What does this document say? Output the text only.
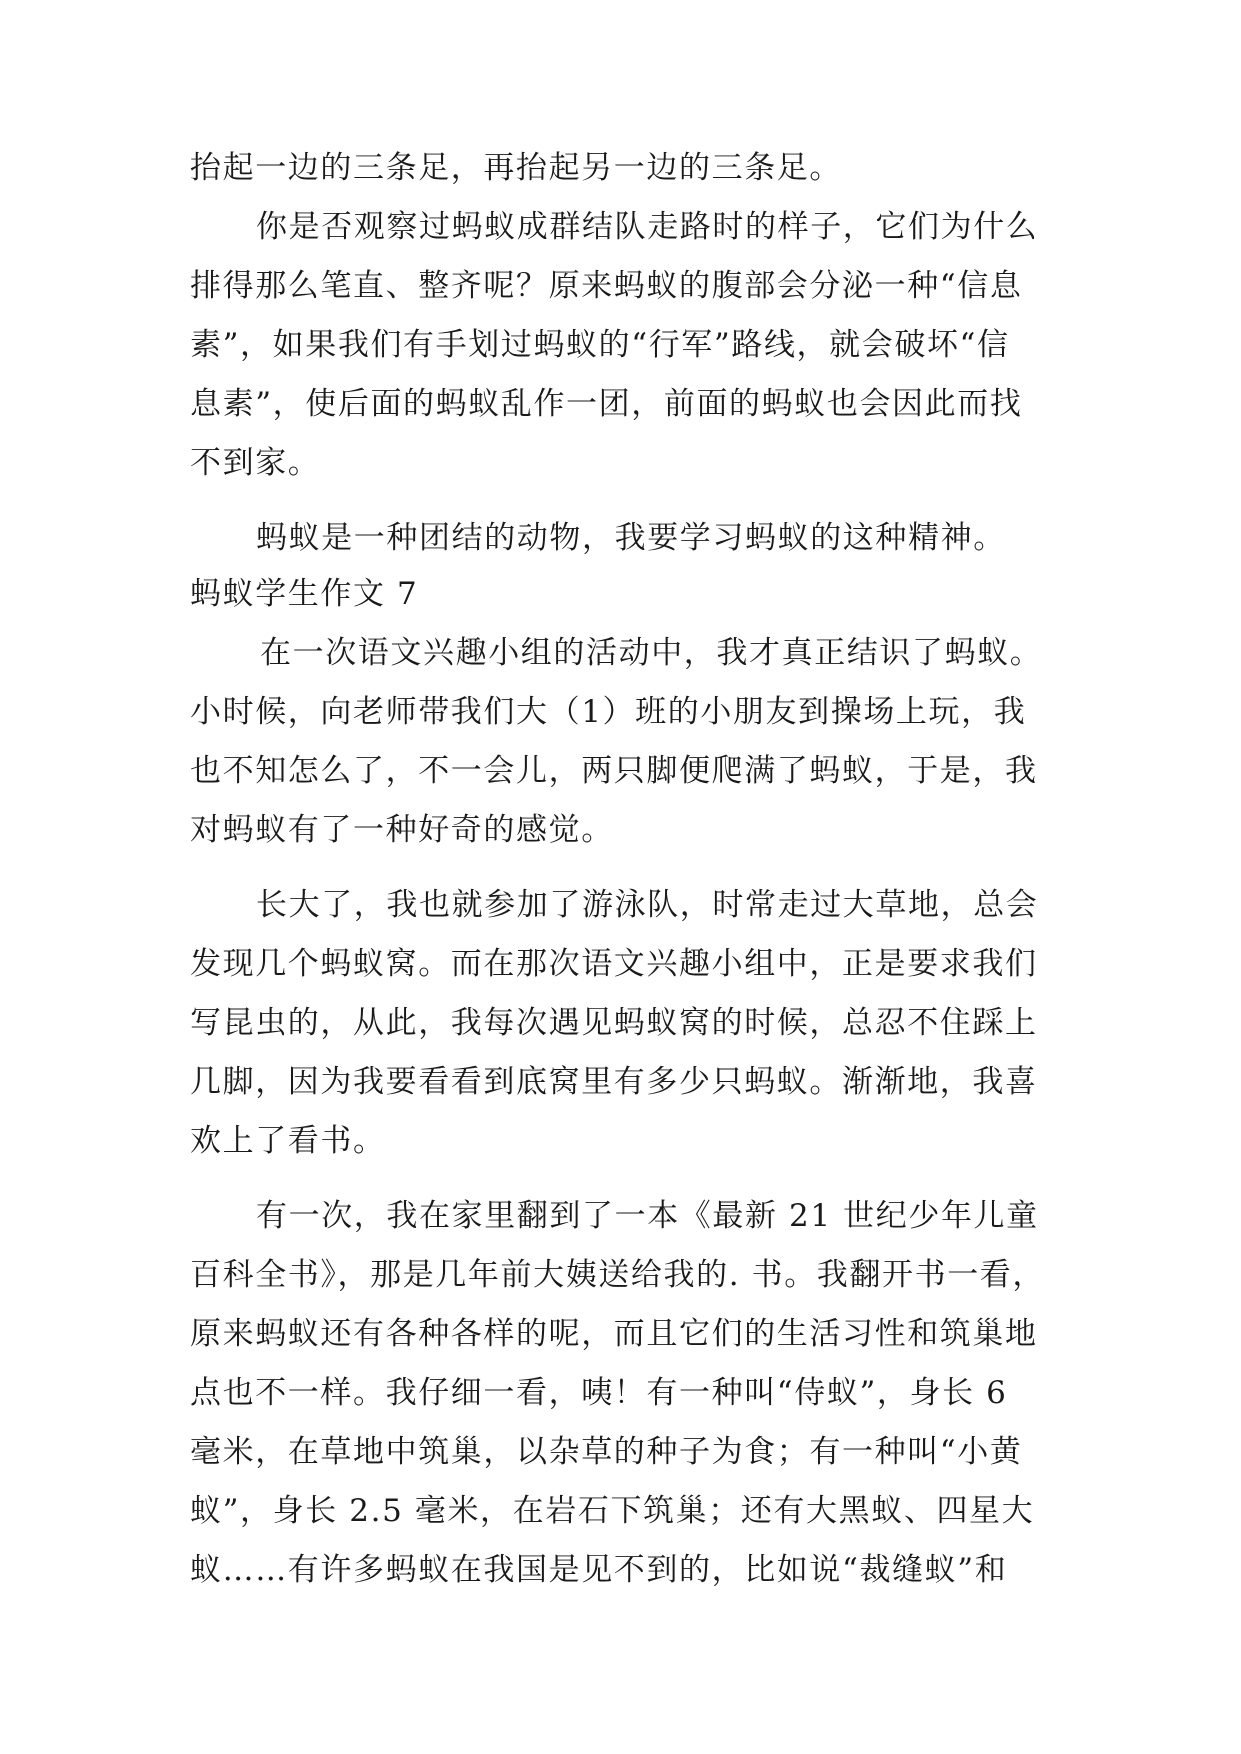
抬起一边的三条足，再抬起另一边的三条足。
你是否观察过蚂蚁成群结队走路时的样子，它们为什么
排得那么笔直、整齐呢？原来蚂蚁的腹部会分泌一种“信息
素”，如果我们有手划过蚂蚁的“行军”路线，就会破坏“信
息素”，使后面的蚂蚁乱作一团，前面的蚂蚁也会因此而找
不到家。
蚂蚁是一种团结的动物，我要学习蚂蚁的这种精神。
蚂蚁学生作文 7
在一次语文兴趣小组的活动中，我才真正结识了蚂蚁。
小时候，向老师带我们大（1）班的小朋友到操场上玩，我
也不知怎么了，不一会儿，两只脚便爬满了蚂蚁，于是，我
对蚂蚁有了一种好奇的感觉。
长大了，我也就参加了游泳队，时常走过大草地，总会
发现几个蚂蚁窝。而在那次语文兴趣小组中，正是要求我们
写昆虫的，从此，我每次遇见蚂蚁窝的时候，总忍不住踩上
几脚，因为我要看看到底窝里有多少只蚂蚁。渐渐地，我喜
欢上了看书。
有一次，我在家里翻到了一本《最新 21 世纪少年儿童
百科全书》，那是几年前大姨送给我的. 书。我翻开书一看，
原来蚂蚁还有各种各样的呢，而且它们的生活习性和筑巢地
点也不一样。我仔细一看，咦！有一种叫“侍蚁”，身长 6
毫米，在草地中筑巢，以杂草的种子为食；有一种叫“小黄
蚁”，身长 2.5 毫米，在岩石下筑巢；还有大黑蚁、四星大
蚁……有许多蚂蚁在我国是见不到的，比如说“裁缝蚁”和
